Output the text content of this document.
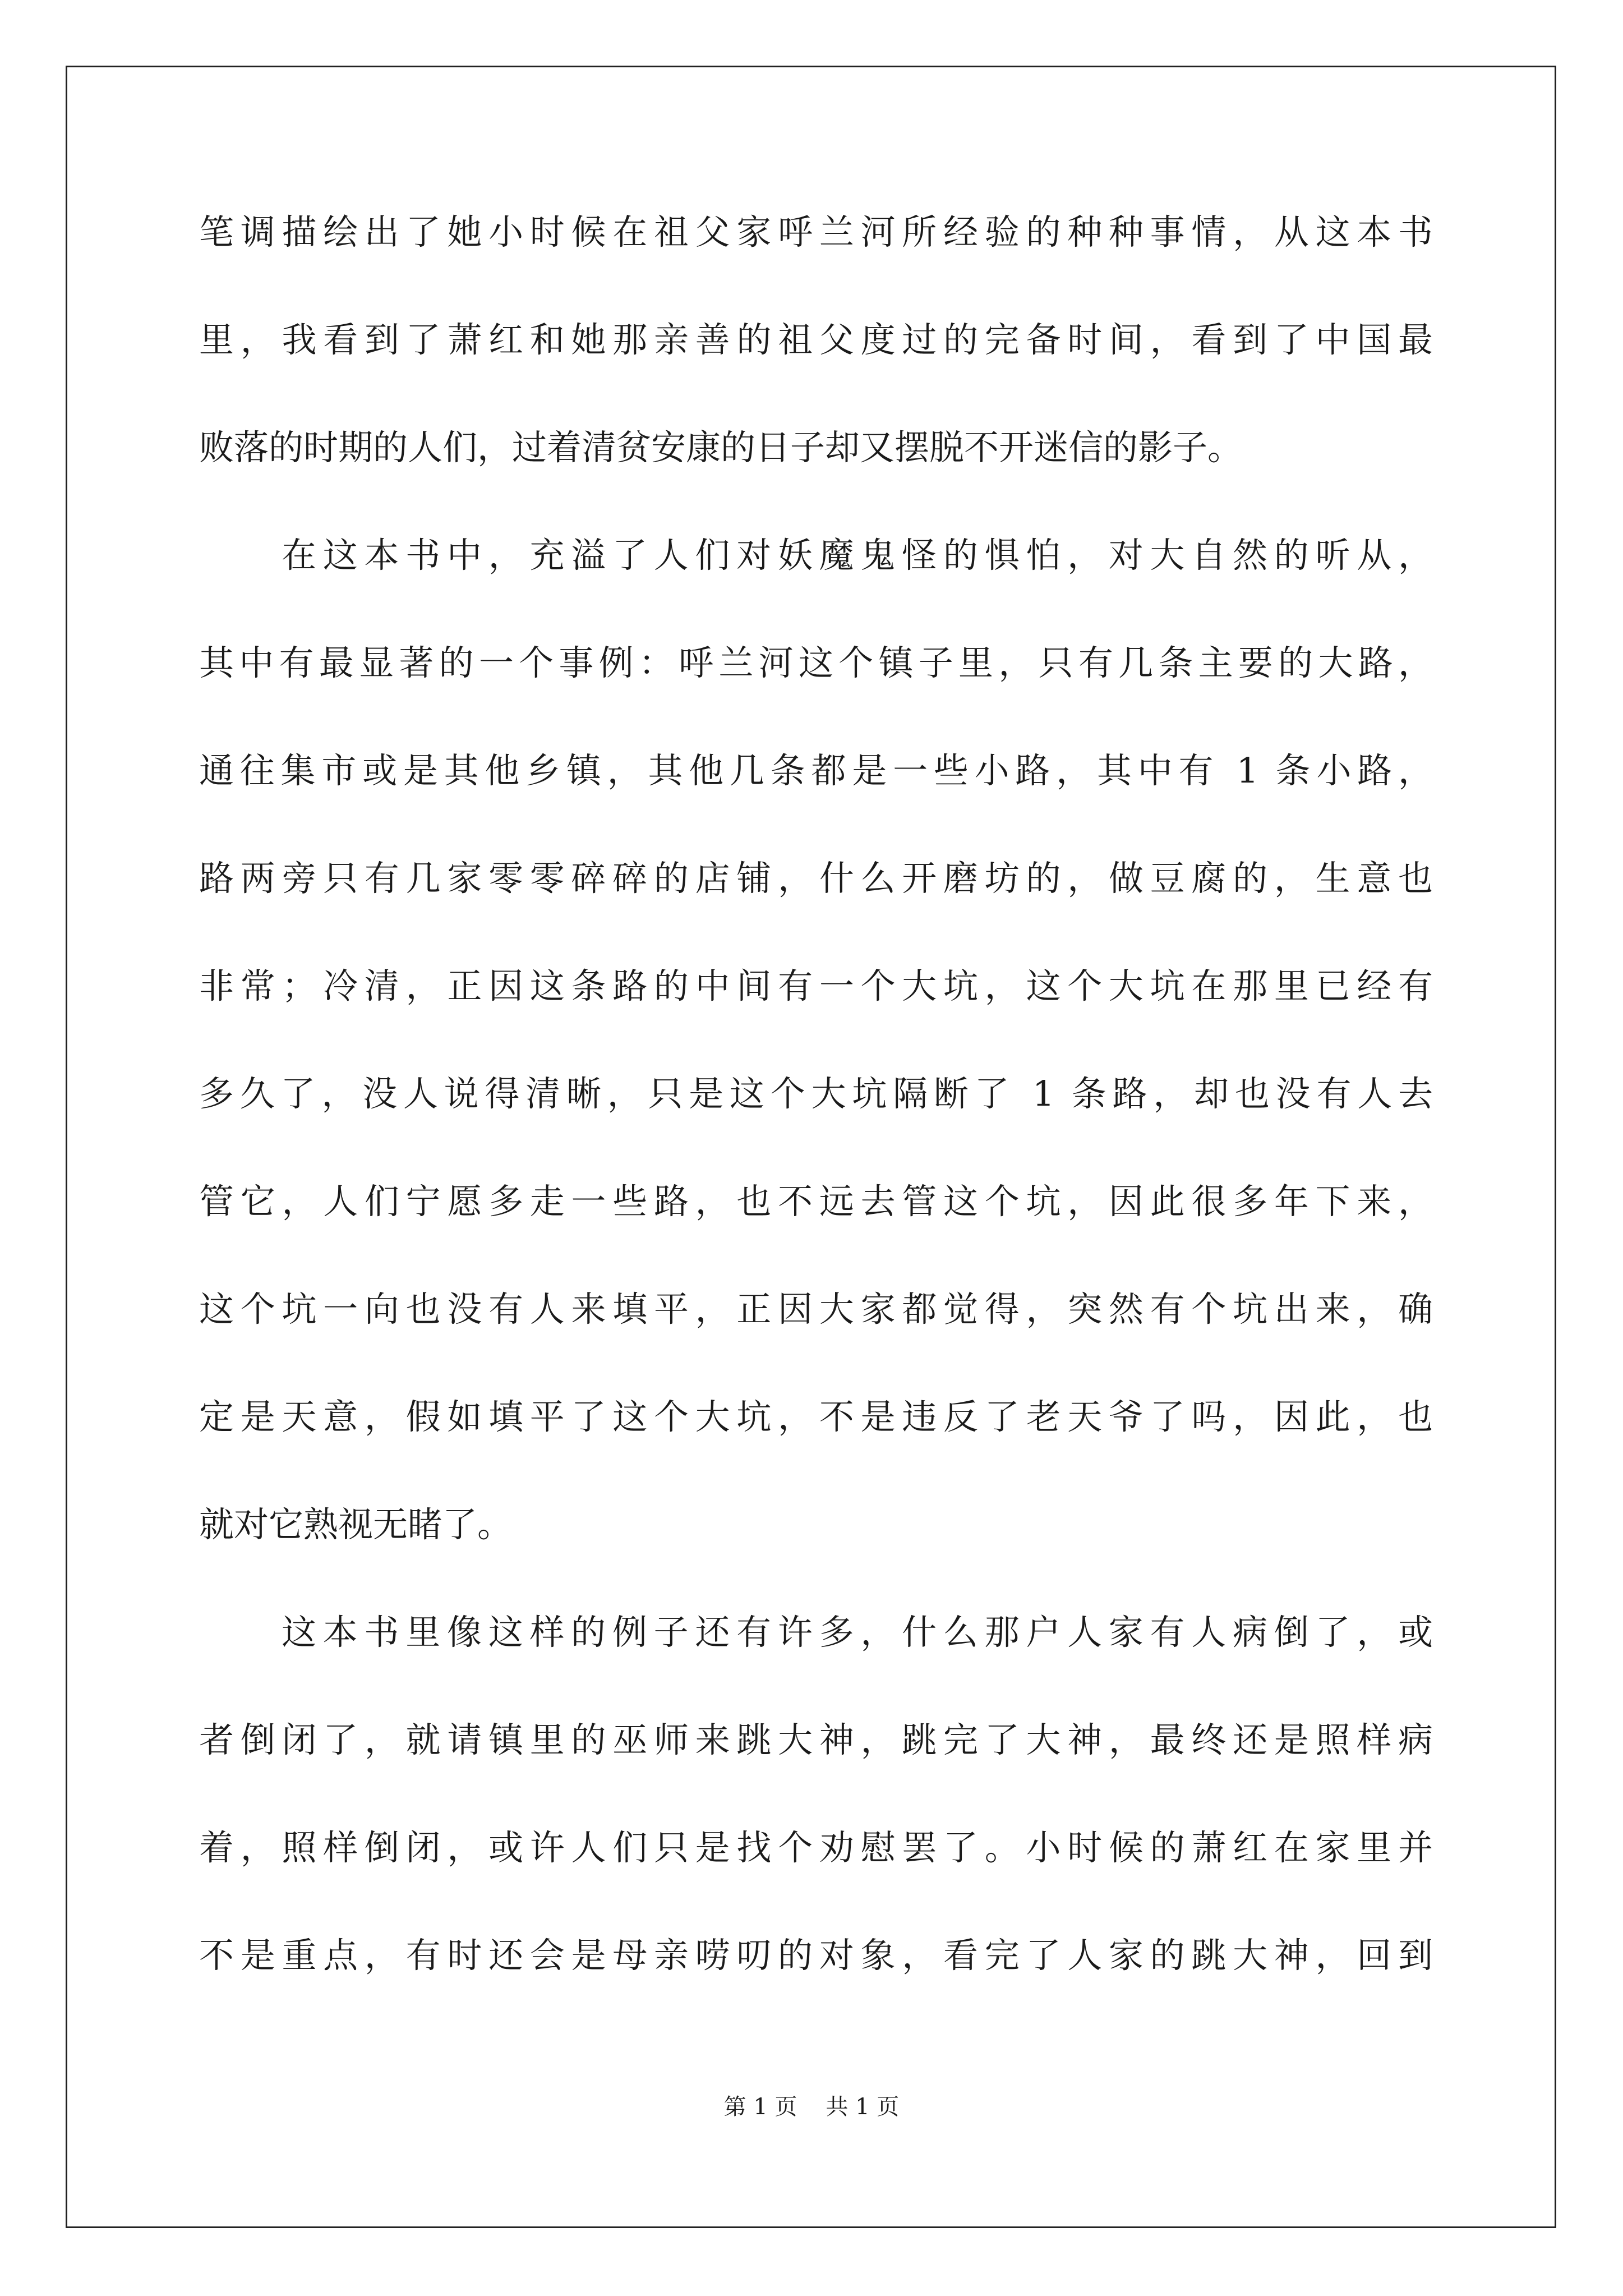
笔调描绘出了她小时候在祖父家呼兰河所经验的种种事情，从这本书

里，我看到了萧红和她那亲善的祖父度过的完备时间，看到了中国最

败落的时期的人们，过着清贫安康的日子却又摆脱不开迷信的影子。

在这本书中，充溢了人们对妖魔鬼怪的惧怕，对大自然的听从，

其中有最显著的一个事例：呼兰河这个镇子里，只有几条主要的大路，

通往集市或是其他乡镇，其他几条都是一些小路，其中有 1 条小路，

路两旁只有几家零零碎碎的店铺，什么开磨坊的，做豆腐的，生意也

非常；冷清，正因这条路的中间有一个大坑，这个大坑在那里已经有

多久了，没人说得清晰，只是这个大坑隔断了 1 条路，却也没有人去

管它，人们宁愿多走一些路，也不远去管这个坑，因此很多年下来，

这个坑一向也没有人来填平，正因大家都觉得，突然有个坑出来，确

定是天意，假如填平了这个大坑，不是违反了老天爷了吗，因此，也

就对它熟视无睹了。

这本书里像这样的例子还有许多，什么那户人家有人病倒了，或

者倒闭了，就请镇里的巫师来跳大神，跳完了大神，最终还是照样病

着，照样倒闭，或许人们只是找个劝慰罢了。小时候的萧红在家里并

不是重点，有时还会是母亲唠叨的对象，看完了人家的跳大神，回到

第 1 页 共 1 页
